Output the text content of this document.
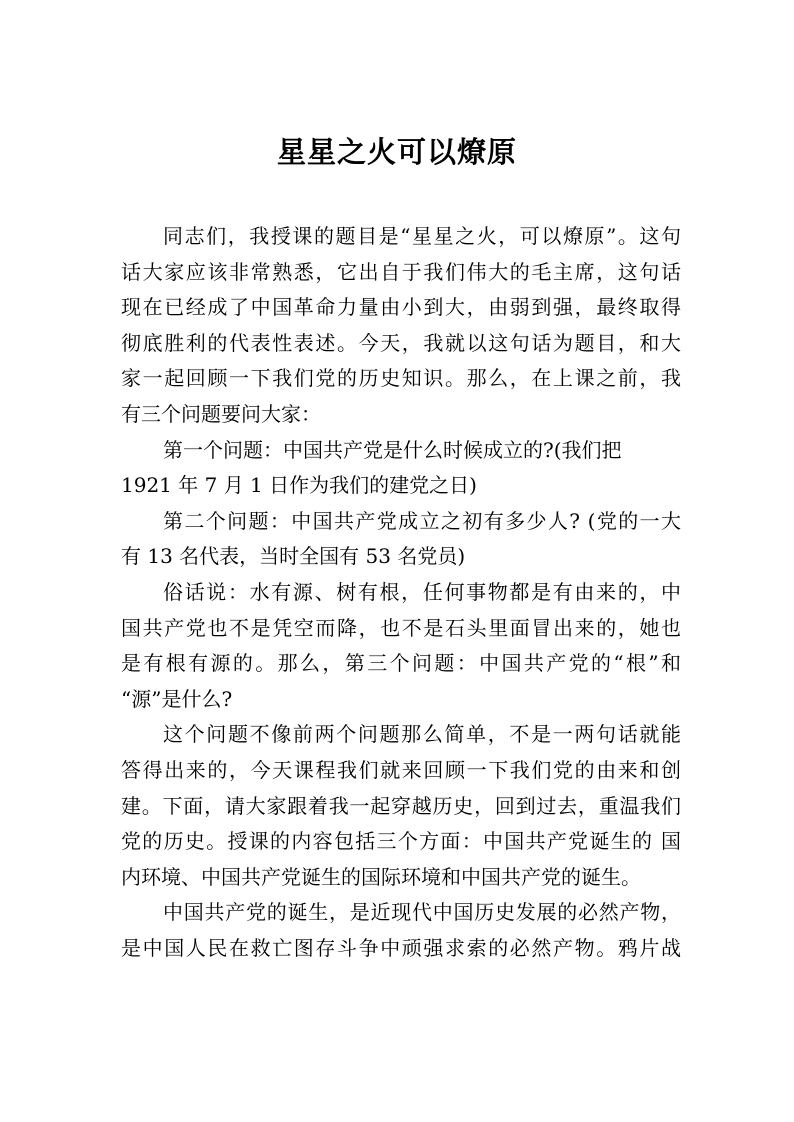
星星之火可以燎原
同志们，我授课的题目是“星星之火，可以燎原”。这句
话大家应该非常熟悉，它出自于我们伟大的毛主席，这句话
现在已经成了中国革命力量由小到大，由弱到强，最终取得
彻底胜利的代表性表述。今天，我就以这句话为题目，和大
家一起回顾一下我们党的历史知识。那么，在上课之前，我
有三个问题要问大家：
第一个问题：中国共产党是什么时候成立的?(我们把
1921 年 7 月 1 日作为我们的建党之日)
第二个问题：中国共产党成立之初有多少人? (党的一大
有 13 名代表，当时全国有 53 名党员)
俗话说：水有源、树有根，任何事物都是有由来的，中
国共产党也不是凭空而降，也不是石头里面冒出来的，她也
是有根有源的。那么，第三个问题：中国共产党的“根”和
“源”是什么?
这个问题不像前两个问题那么简单，不是一两句话就能
答得出来的，今天课程我们就来回顾一下我们党的由来和创
建。下面，请大家跟着我一起穿越历史，回到过去，重温我们
党的历史。授课的内容包括三个方面：中国共产党诞生的 国
内环境、中国共产党诞生的国际环境和中国共产党的诞生。
中国共产党的诞生，是近现代中国历史发展的必然产物，
是中国人民在救亡图存斗争中顽强求索的必然产物。鸦片战
